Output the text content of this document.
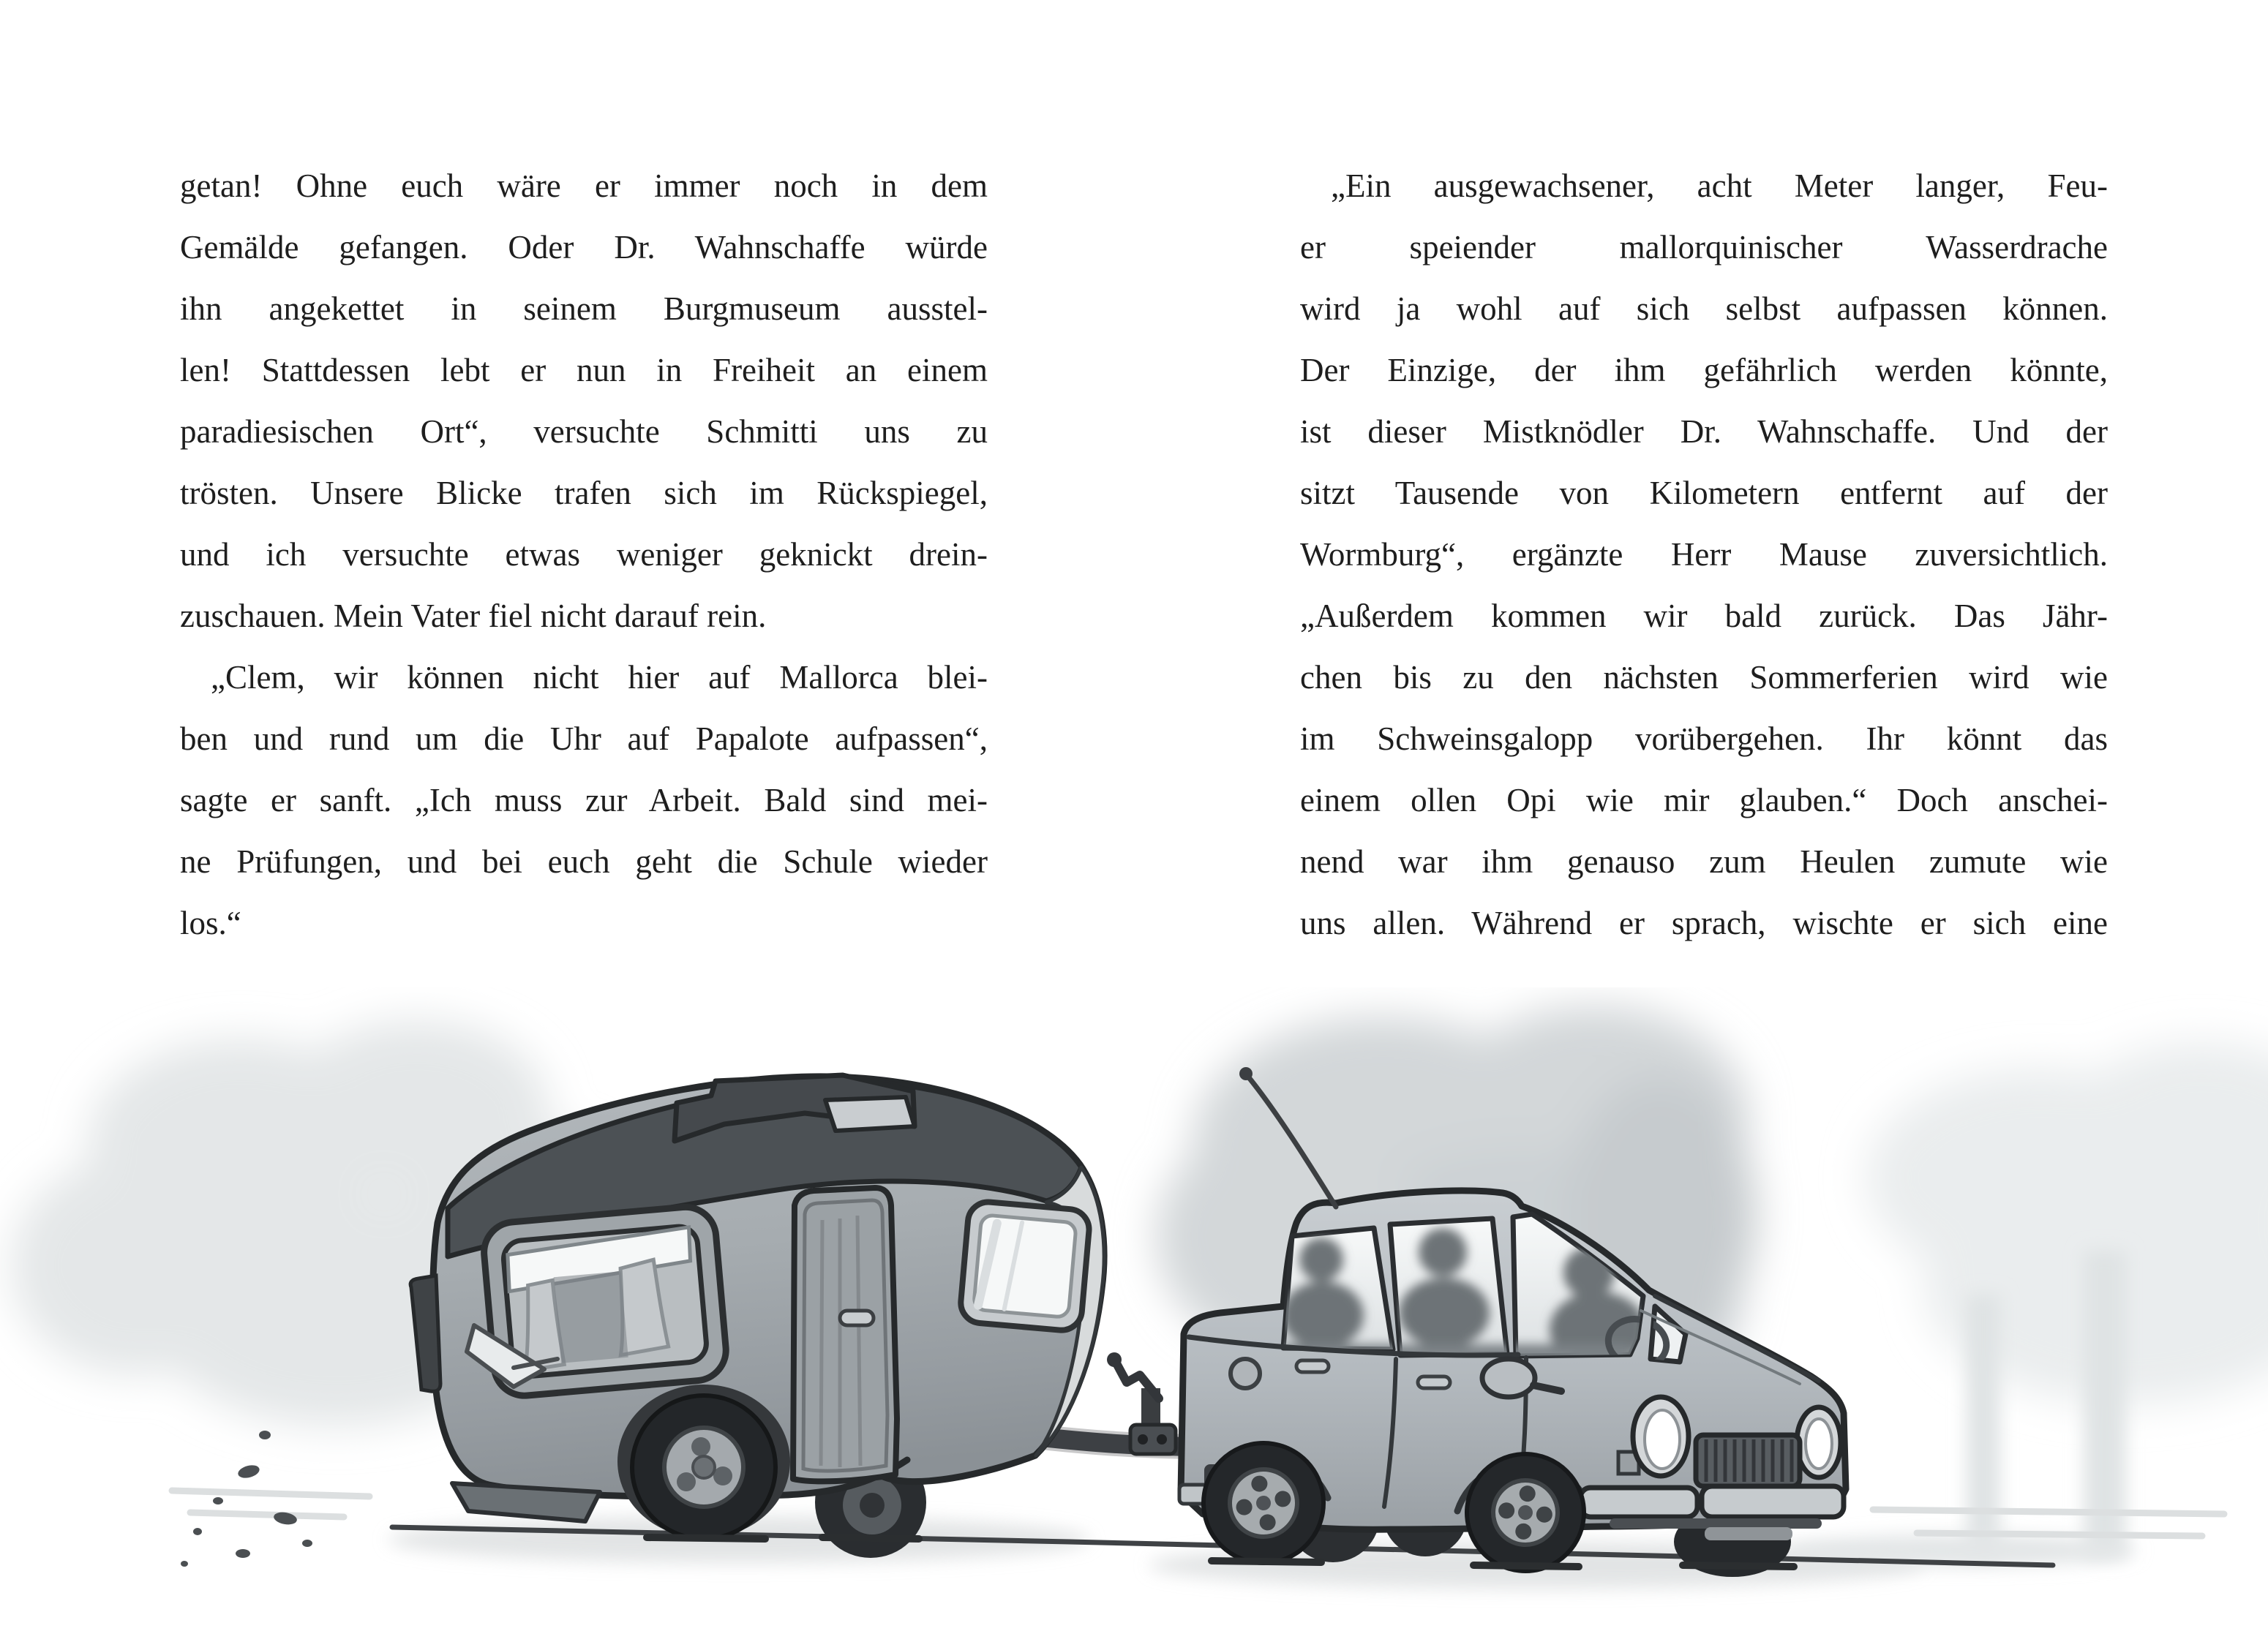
getan! Ohne euch wäre er immer noch in dem
Gemälde gefangen. Oder Dr. Wahnschaffe würde
ihn angekettet in seinem Burgmuseum ausstel-
len! Stattdessen lebt er nun in Freiheit an einem
paradiesischen Ort“, versuchte Schmitti uns zu
trösten. Unsere Blicke trafen sich im Rückspiegel,
und ich versuchte etwas weniger geknickt drein-
zuschauen. Mein Vater fiel nicht darauf rein.
„Clem, wir können nicht hier auf Mallorca blei-
ben und rund um die Uhr auf Papalote aufpassen“,
sagte er sanft. „Ich muss zur Arbeit. Bald sind mei-
ne Prüfungen, und bei euch geht die Schule wieder
los.“
„Ein ausgewachsener, acht Meter langer, Feu-
er speiender mallorquinischer Wasserdrache
wird ja wohl auf sich selbst aufpassen können.
Der Einzige, der ihm gefährlich werden könnte,
ist dieser Mistknödler Dr. Wahnschaffe. Und der
sitzt Tausende von Kilometern entfernt auf der
Wormburg“, ergänzte Herr Mause zuversichtlich.
„Außerdem kommen wir bald zurück. Das Jähr-
chen bis zu den nächsten Sommerferien wird wie
im Schweinsgalopp vorübergehen. Ihr könnt das
einem ollen Opi wie mir glauben.“ Doch anschei-
nend war ihm genauso zum Heulen zumute wie
uns allen. Während er sprach, wischte er sich eine
